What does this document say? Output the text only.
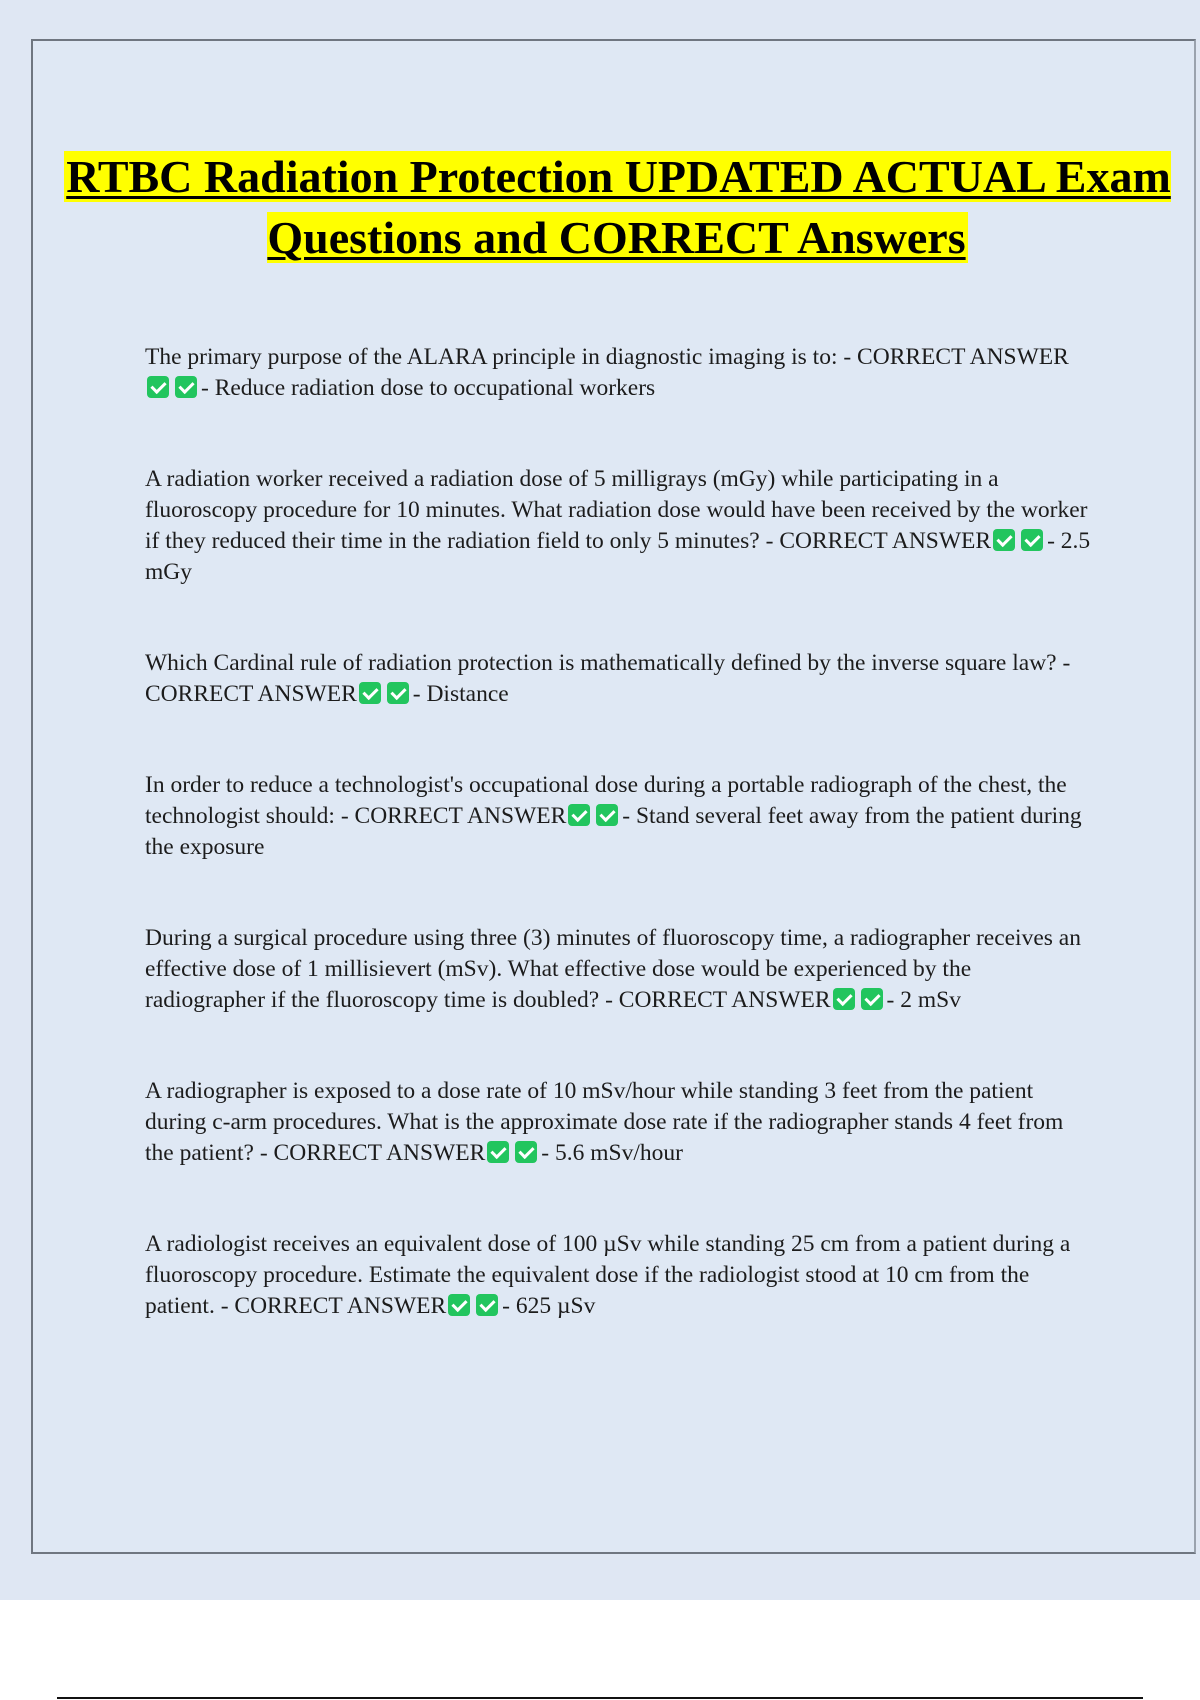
RTBC Radiation Protection UPDATED ACTUAL Exam Questions and CORRECT Answers

The primary purpose of the ALARA principle in diagnostic imaging is to: - CORRECT ANSWER- Reduce radiation dose to occupational workers

A radiation worker received a radiation dose of 5 milligrays (mGy) while participating in a fluoroscopy procedure for 10 minutes. What radiation dose would have been received by the worker if they reduced their time in the radiation field to only 5 minutes? - CORRECT ANSWER - 2.5 mGy

Which Cardinal rule of radiation protection is mathematically defined by the inverse square law? - CORRECT ANSWER - Distance

In order to reduce a technologist's occupational dose during a portable radiograph of the chest, the technologist should: - CORRECT ANSWER - Stand several feet away from the patient during the exposure

During a surgical procedure using three (3) minutes of fluoroscopy time, a radiographer receives an effective dose of 1 millisievert (mSv). What effective dose would be experienced by the radiographer if the fluoroscopy time is doubled? - CORRECT ANSWER - 2 mSv

A radiographer is exposed to a dose rate of 10 mSv/hour while standing 3 feet from the patient during c-arm procedures. What is the approximate dose rate if the radiographer stands 4 feet from the patient? - CORRECT ANSWER - 5.6 mSv/hour

A radiologist receives an equivalent dose of 100 µSv while standing 25 cm from a patient during a fluoroscopy procedure. Estimate the equivalent dose if the radiologist stood at 10 cm from the patient. - CORRECT ANSWER - 625 µSv
